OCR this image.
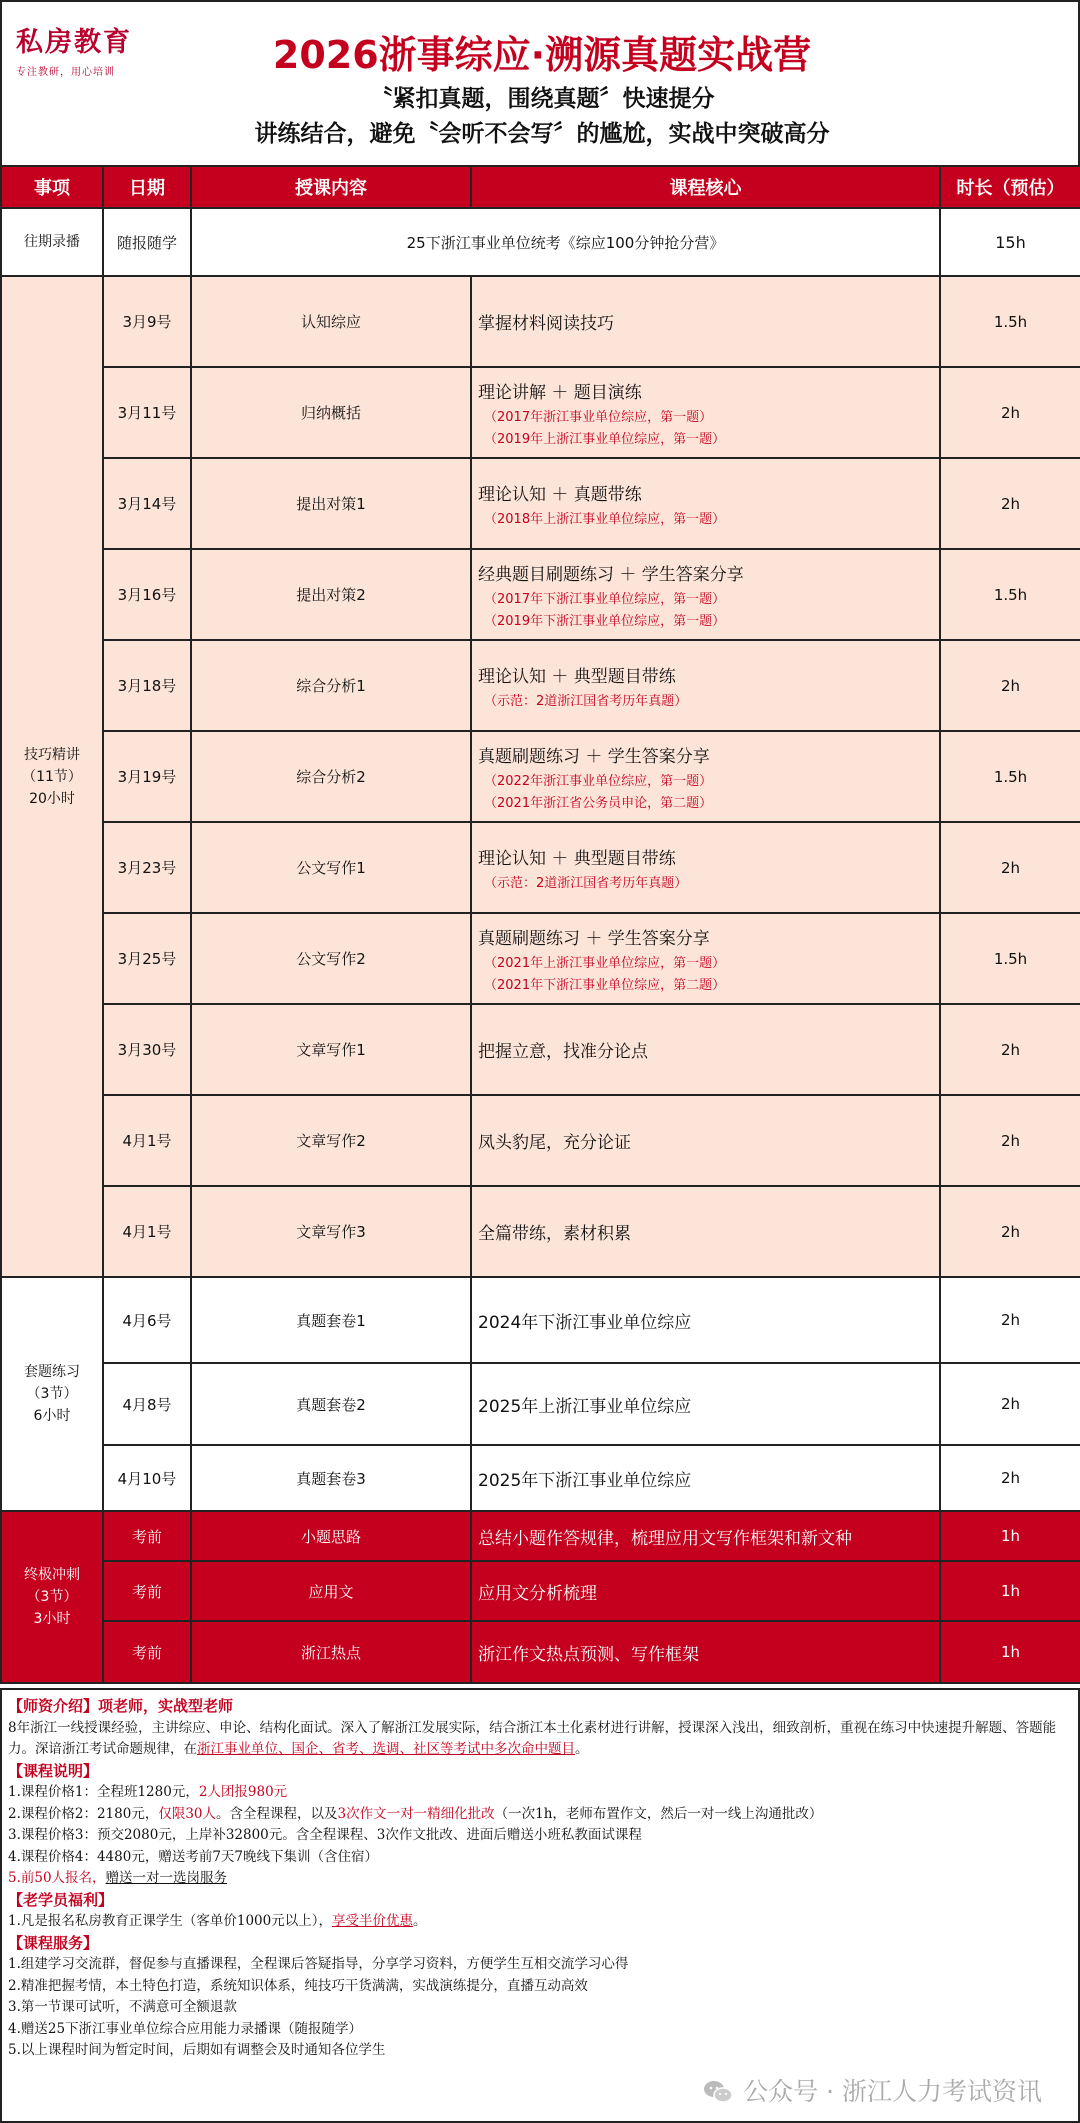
私房教育
专注教研，用心培训	2026浙事综应·溯源真题实战营
〝紧扣真题，围绕真题〞快速提分
讲练结合，避免〝会听不会写〞的尴尬，实战中突破高分
事项	日期	授课内容	课程核心	时长（预估）
往期录播	随报随学	25下浙江事业单位统考《综应100分钟抢分营》		15h

技巧精讲
（11节）
20小时	3月9号	认知综应	掌握材料阅读技巧	1.5h
	3月11号	归纳概括	理论讲解 ＋ 题目演练
（2017年浙江事业单位综应，第一题）
（2019年上浙江事业单位综应，第一题）	2h
	3月14号	提出对策1	理论认知 ＋ 真题带练
（2018年上浙江事业单位综应，第一题）	2h
	3月16号	提出对策2	经典题目刷题练习 ＋ 学生答案分享
（2017年下浙江事业单位综应，第一题）
（2019年下浙江事业单位综应，第一题）	1.5h
	3月18号	综合分析1	理论认知 ＋ 典型题目带练
（示范：2道浙江国省考历年真题）	2h
	3月19号	综合分析2	真题刷题练习 ＋ 学生答案分享
（2022年浙江事业单位综应，第一题）
（2021年浙江省公务员申论，第二题）	1.5h
	3月23号	公文写作1	理论认知 ＋ 典型题目带练
（示范：2道浙江国省考历年真题）	2h
	3月25号	公文写作2	真题刷题练习 ＋ 学生答案分享
（2021年上浙江事业单位综应，第一题）
（2021年下浙江事业单位综应，第二题）	1.5h
	3月30号	文章写作1	把握立意，找准分论点	2h
	4月1号	文章写作2	凤头豹尾，充分论证	2h
	4月1号	文章写作3	全篇带练，素材积累	2h

套题练习
（3节）
6小时	4月6号	真题套卷1	2024年下浙江事业单位综应	2h
	4月8号	真题套卷2	2025年上浙江事业单位综应	2h
	4月10号	真题套卷3	2025年下浙江事业单位综应	2h

终极冲刺
（3节）
3小时	考前	小题思路	总结小题作答规律，梳理应用文写作框架和新文种	1h
	考前	应用文	应用文分析梳理	1h
	考前	浙江热点	浙江作文热点预测、写作框架	1h
【师资介绍】项老师，实战型老师
8年浙江一线授课经验，主讲综应、申论、结构化面试。深入了解浙江发展实际，结合浙江本土化素材进行讲解，授课深入浅出，细致剖析，重视在练习中快速提升解题、答题能力。深谙浙江考试命题规律，在浙江事业单位、国企、省考、选调、社区等考试中多次命中题目。
【课程说明】
1.课程价格1：全程班1280元，2人团报980元
2.课程价格2：2180元，仅限30人。含全程课程，以及3次作文一对一精细化批改（一次1h，老师布置作文，然后一对一线上沟通批改）
3.课程价格3：预交2080元，上岸补32800元。含全程课程、3次作文批改、进面后赠送小班私教面试课程
4.课程价格4：4480元，赠送考前7天7晚线下集训（含住宿）
5.前50人报名，赠送一对一选岗服务
【老学员福利】
1.凡是报名私房教育正课学生（客单价1000元以上），享受半价优惠。
【课程服务】
1.组建学习交流群，督促参与直播课程，全程课后答疑指导，分享学习资料，方便学生互相交流学习心得
2.精准把握考情，本土特色打造，系统知识体系，纯技巧干货满满，实战演练提分，直播互动高效
3.第一节课可试听，不满意可全额退款
4.赠送25下浙江事业单位综合应用能力录播课（随报随学）
5.以上课程时间为暂定时间，后期如有调整会及时通知各位学生
公众号 · 浙江人力考试资讯
